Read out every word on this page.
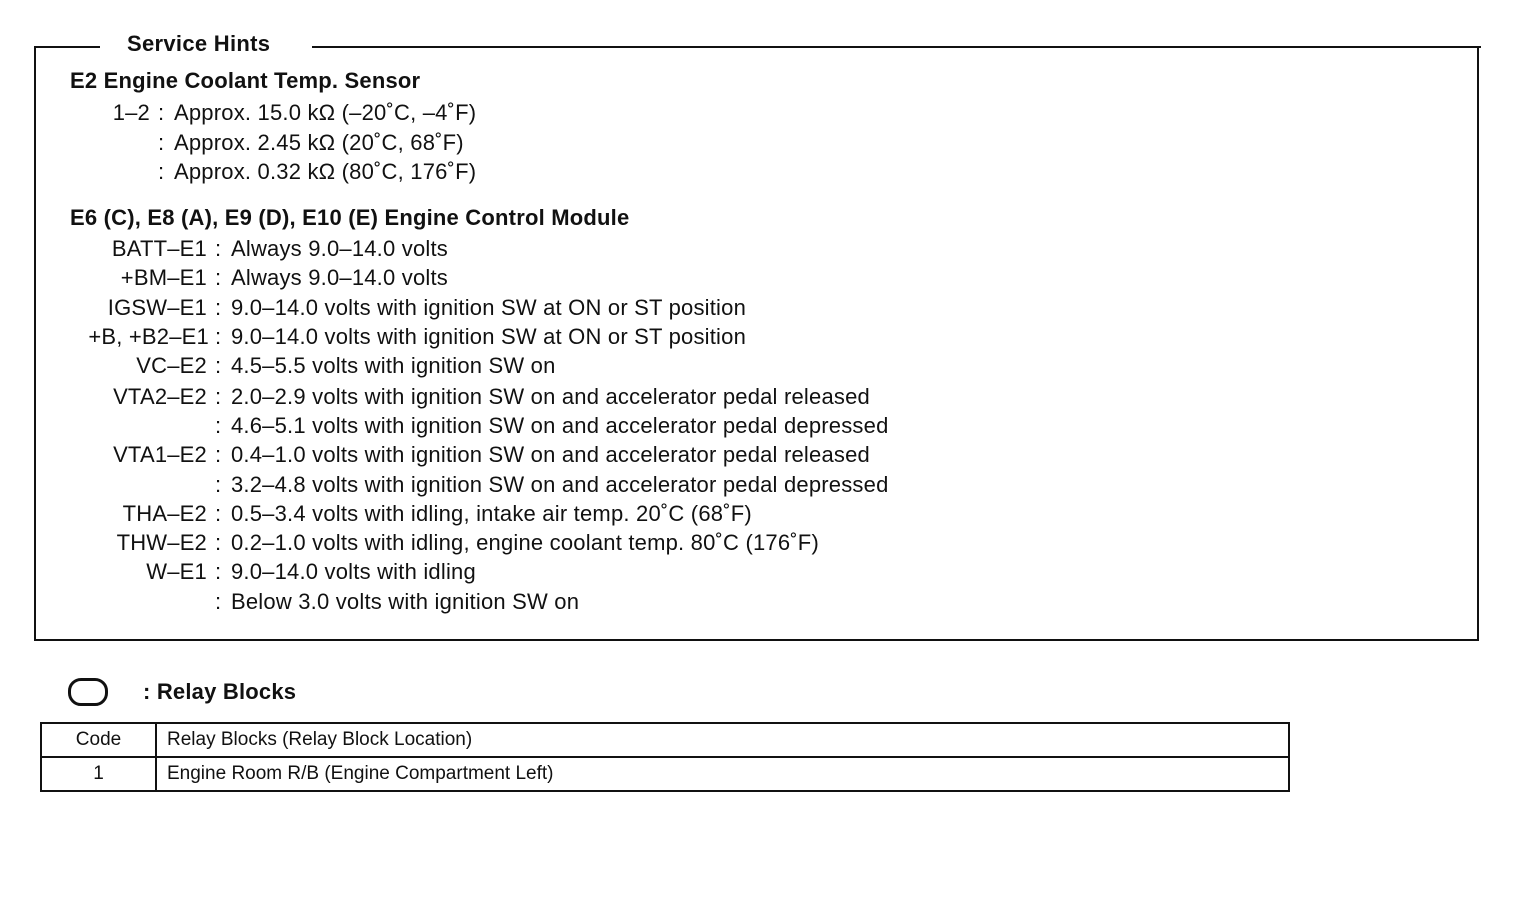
Service Hints
E2 Engine Coolant Temp. Sensor
1–2 : Approx. 15.0 kΩ (–20˚C, –4˚F)
: Approx. 2.45 kΩ (20˚C, 68˚F)
: Approx. 0.32 kΩ (80˚C, 176˚F)
E6 (C), E8 (A), E9 (D), E10 (E) Engine Control Module
BATT–E1 : Always 9.0–14.0 volts
+BM–E1 : Always 9.0–14.0 volts
IGSW–E1 : 9.0–14.0 volts with ignition SW at ON or ST position
+B, +B2–E1 : 9.0–14.0 volts with ignition SW at ON or ST position
VC–E2 : 4.5–5.5 volts with ignition SW on
VTA2–E2 : 2.0–2.9 volts with ignition SW on and accelerator pedal released
: 4.6–5.1 volts with ignition SW on and accelerator pedal depressed
VTA1–E2 : 0.4–1.0 volts with ignition SW on and accelerator pedal released
: 3.2–4.8 volts with ignition SW on and accelerator pedal depressed
THA–E2 : 0.5–3.4 volts with idling, intake air temp. 20˚C (68˚F)
THW–E2 : 0.2–1.0 volts with idling, engine coolant temp. 80˚C (176˚F)
W–E1 : 9.0–14.0 volts with idling
: Below 3.0 volts with ignition SW on
: Relay Blocks
Code	Relay Blocks (Relay Block Location)
1	Engine Room R/B (Engine Compartment Left)
